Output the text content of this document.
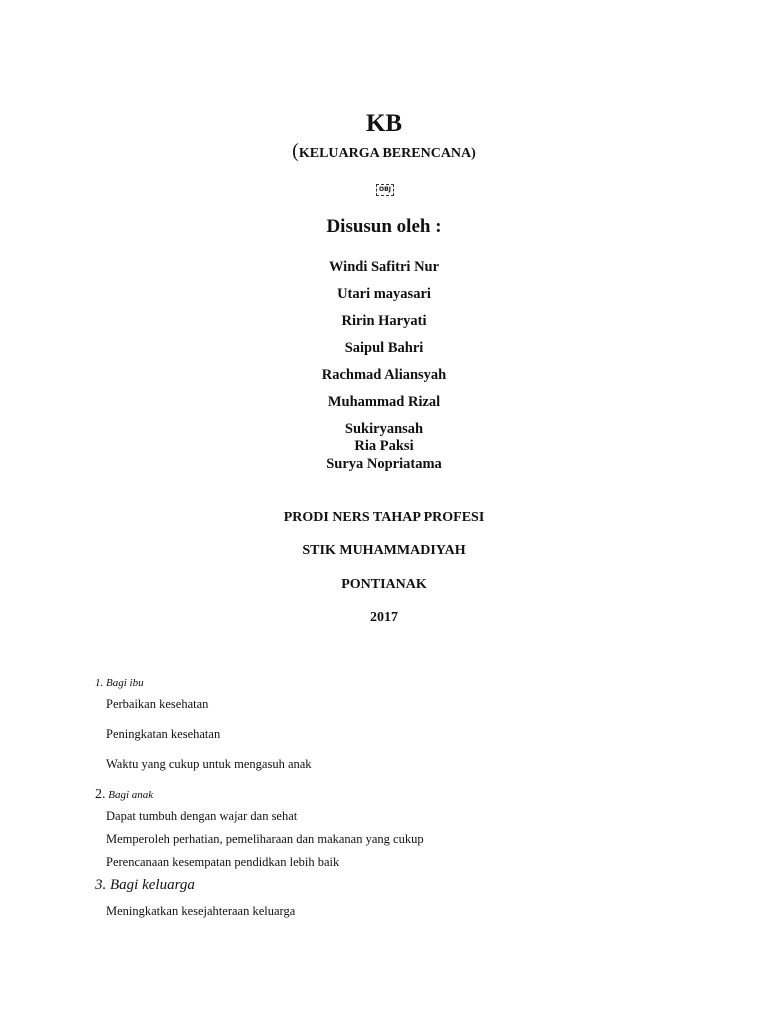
KB
(KELUARGA BERENCANA)
OBJ
Disusun oleh :
Windi Safitri Nur
Utari mayasari
Ririn Haryati
Saipul Bahri
Rachmad Aliansyah
Muhammad Rizal
Sukiryansah
Ria Paksi
Surya Nopriatama
PRODI NERS TAHAP PROFESI
STIK MUHAMMADIYAH
PONTIANAK
2017
1. Bagi ibu
Perbaikan kesehatan
Peningkatan kesehatan
Waktu yang cukup untuk mengasuh anak
2. Bagi anak
Dapat tumbuh dengan wajar dan sehat
Memperoleh perhatian, pemeliharaan dan makanan yang cukup
Perencanaan kesempatan pendidkan lebih baik
3. Bagi keluarga
Meningkatkan kesejahteraan keluarga
